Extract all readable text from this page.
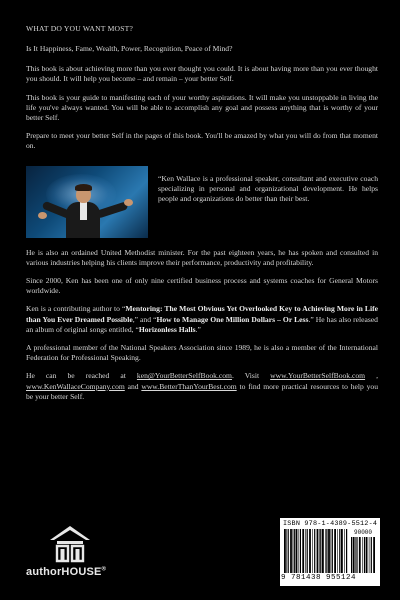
WHAT DO YOU WANT MOST?

Is It Happiness, Fame, Wealth, Power, Recognition, Peace of Mind?

This book is about achieving more than you ever thought you could. It is about having more than you ever thought you should. It will help you become – and remain – your better Self.

This book is your guide to manifesting each of your worthy aspirations. It will make you unstoppable in living the life you've always wanted. You will be able to accomplish any goal and possess anything that is worthy of your better Self.

Prepare to meet your better Self in the pages of this book. You'll be amazed by what you will do from that moment on.

“Ken Wallace is a professional speaker, consultant and executive coach specializing in personal and organizational development. He helps people and organizations do better than their best.

He is also an ordained United Methodist minister. For the past eighteen years, he has spoken and consulted in various industries helping his clients improve their performance, productivity and profitability.

Since 2000, Ken has been one of only nine certified business process and systems coaches for General Motors worldwide.

Ken is a contributing author to “Mentoring: The Most Obvious Yet Overlooked Key to Achieving More in Life than You Ever Dreamed Possible,” and “How to Manage One Million Dollars – Or Less.” He has also released an album of original songs entitled, “Horizonless Halls.”

A professional member of the National Speakers Association since 1989, he is also a member of the International Federation for Professional Speaking.

He can be reached at ken@YourBetterSelfBook.com. Visit www.YourBetterSelfBook.com , www.KenWallaceCompany.com and www.BetterThanYourBest.com to find more practical resources to help you be your better Self.

authorHOUSE®
ISBN 978-1-4389-5512-4
90000
9 781438 955124
